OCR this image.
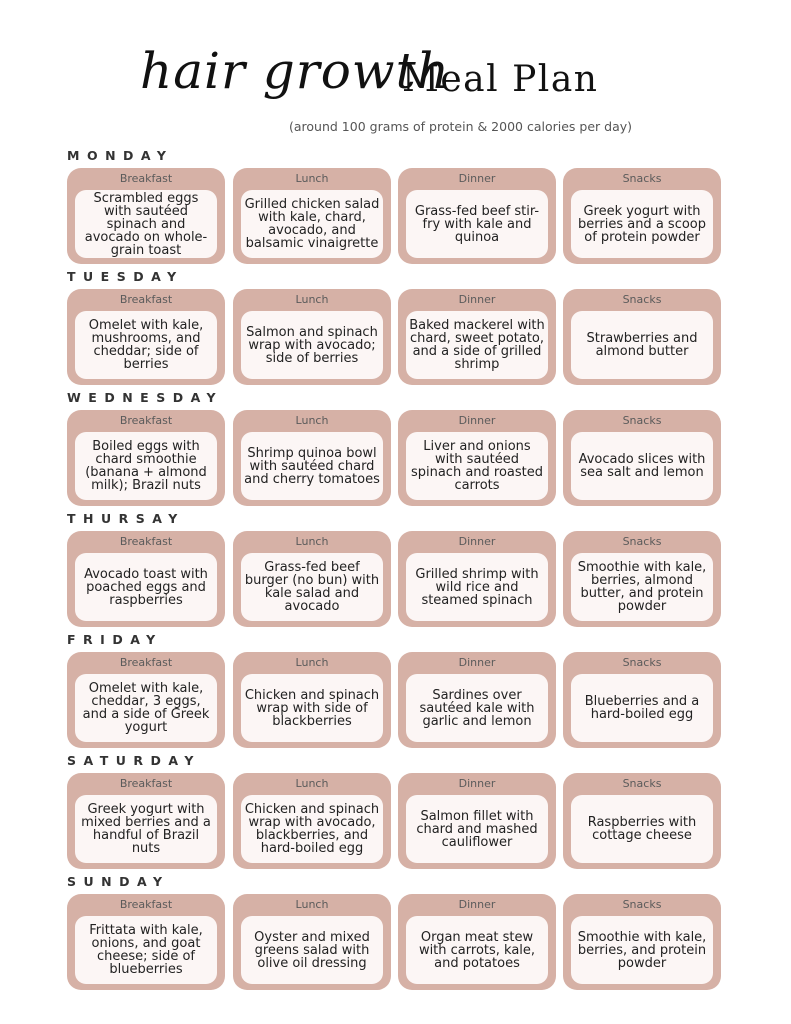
hair growth
Meal Plan
(around 100 grams of protein & 2000 calories per day)
MONDAY
Breakfast
Scrambled eggs with sautéed spinach and avocado on whole-grain toast
Lunch
Grilled chicken salad with kale, chard, avocado, and balsamic vinaigrette
Dinner
Grass-fed beef stir-fry with kale and quinoa
Snacks
Greek yogurt with berries and a scoop of protein powder
TUESDAY
Breakfast
Omelet with kale, mushrooms, and cheddar; side of berries
Lunch
Salmon and spinach wrap with avocado; side of berries
Dinner
Baked mackerel with chard, sweet potato, and a side of grilled shrimp
Snacks
Strawberries and almond butter
WEDNESDAY
Breakfast
Boiled eggs with chard smoothie (banana + almond milk); Brazil nuts
Lunch
Shrimp quinoa bowl with sautéed chard and cherry tomatoes
Dinner
Liver and onions with sautéed spinach and roasted carrots
Snacks
Avocado slices with sea salt and lemon
THURSAY
Breakfast
Avocado toast with poached eggs and raspberries
Lunch
Grass-fed beef burger (no bun) with kale salad and avocado
Dinner
Grilled shrimp with wild rice and steamed spinach
Snacks
Smoothie with kale, berries, almond butter, and protein powder
FRIDAY
Breakfast
Omelet with kale, cheddar, 3 eggs, and a side of Greek yogurt
Lunch
Chicken and spinach wrap with side of blackberries
Dinner
Sardines over sautéed kale with garlic and lemon
Snacks
Blueberries and a hard-boiled egg
SATURDAY
Breakfast
Greek yogurt with mixed berries and a handful of Brazil nuts
Lunch
Chicken and spinach wrap with avocado, blackberries, and hard-boiled egg
Dinner
Salmon fillet with chard and mashed cauliflower
Snacks
Raspberries with cottage cheese
SUNDAY
Breakfast
Frittata with kale, onions, and goat cheese; side of blueberries
Lunch
Oyster and mixed greens salad with olive oil dressing
Dinner
Organ meat stew with carrots, kale, and potatoes
Snacks
Smoothie with kale, berries, and protein powder
